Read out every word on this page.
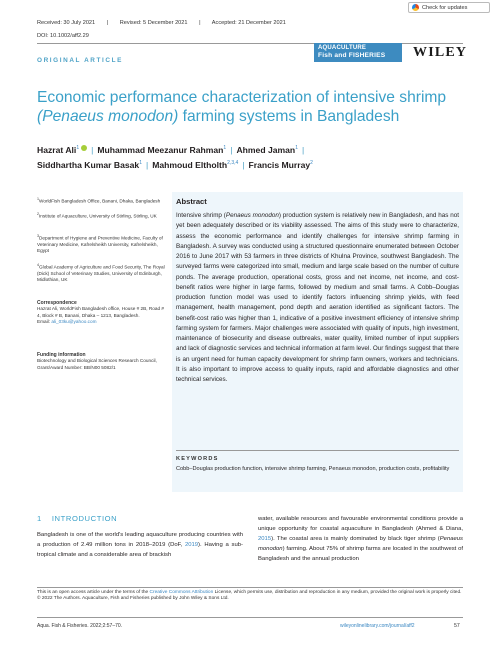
Received: 30 July 2021 | Revised: 5 December 2021 | Accepted: 21 December 2021
DOI: 10.1002/aff2.29
Check for updates
ORIGINAL ARTICLE
AQUACULTURE
Fish and FISHERIES	WILEY
Economic performance characterization of intensive shrimp
(Penaeus monodon) farming systems in Bangladesh
Hazrat Ali$^1$ | Muhammad Meezanur Rahman$^1$ | Ahmed Jaman$^1$ |
Siddhartha Kumar Basak$^1$ | Mahmoud Eltholth$^{2,3,4}$ | Francis Murray$^2$
$^1$WorldFish Bangladesh Office, Banani, Dhaka, Bangladesh
$^2$Institute of Aquaculture, University of Stirling, Stirling, UK
$^3$Department of Hygiene and Preventive Medicine, Faculty of Veterinary Medicine, Kafrelsheikh University, Kafrelsheikh, Egypt
$^4$Global Academy of Agriculture and Food Security, The Royal (Dick) School of Veterinary Studies, University of Edinburgh, Midlothian, UK
Correspondence
Hazrat Ali, WorldFish Bangladesh office, House # 2B, Road # 4, Block # B, Banani, Dhaka – 1213, Bangladesh.
Email: ali_03ku@yahoo.com
Funding information
Biotechnology and Biological Sciences Research Council, Grant/Award Number: BB/N00 5082/1
Abstract
Intensive shrimp (Penaeus monodon) production system is relatively new in Bangladesh, and has not yet been adequately described or its viability assessed. The aims of this study were to characterize, assess the economic performance and identify challenges for intensive shrimp farming in Bangladesh. A survey was conducted using a structured questionnaire enumerated between October 2016 to June 2017 with 53 farmers in three districts of Khulna Province, southwest Bangladesh. The surveyed farms were categorized into small, medium and large scale based on the number of culture ponds. The average production, operational costs, gross and net income, net income, and cost-benefit ratios were higher in large farms, followed by medium and small farms. A Cobb–Douglas production function model was used to identify factors influencing shrimp yields, with feed management, health management, pond depth and aeration identified as significant factors. The benefit-cost ratio was higher than 1, indicative of a positive investment efficiency of intensive shrimp farming system for farmers. Major challenges were associated with quality of inputs, high investment, maintenance of biosecurity and disease outbreaks, water quality, limited number of input suppliers and lack of diagnostic services and technical information at farm level. Our findings suggest that there is an urgent need for human capacity development for shrimp farm owners, workers and technicians. It is also important to improve access to quality inputs, rapid and affordable diagnostics and other technical services.
KEYWORDS
Cobb–Douglas production function, intensive shrimp farming, Penaeus monodon, production costs, profitability
1 INTRODUCTION
Bangladesh is one of the world's leading aquaculture producing countries with a production of 2.49 million tons in 2018–2019 (DoF, 2019). Having a sub-tropical climate and a considerable area of brackish
water, available resources and favourable environmental conditions provide a unique opportunity for coastal aquaculture in Bangladesh (Ahmed & Diana, 2015). The coastal area is mainly dominated by black tiger shrimp (Penaeus monodon) farming. About 75% of shrimp farms are located in the southwest of Bangladesh and the annual production
This is an open access article under the terms of the Creative Commons Attribution License, which permits use, distribution and reproduction in any medium, provided the original work is properly cited.
© 2022 The Authors. Aquaculture, Fish and Fisheries published by John Wiley & Sons Ltd.
Aqua. Fish & Fisheries. 2022;2:57–70.	wileyonlinelibrary.com/journal/aff2	57
